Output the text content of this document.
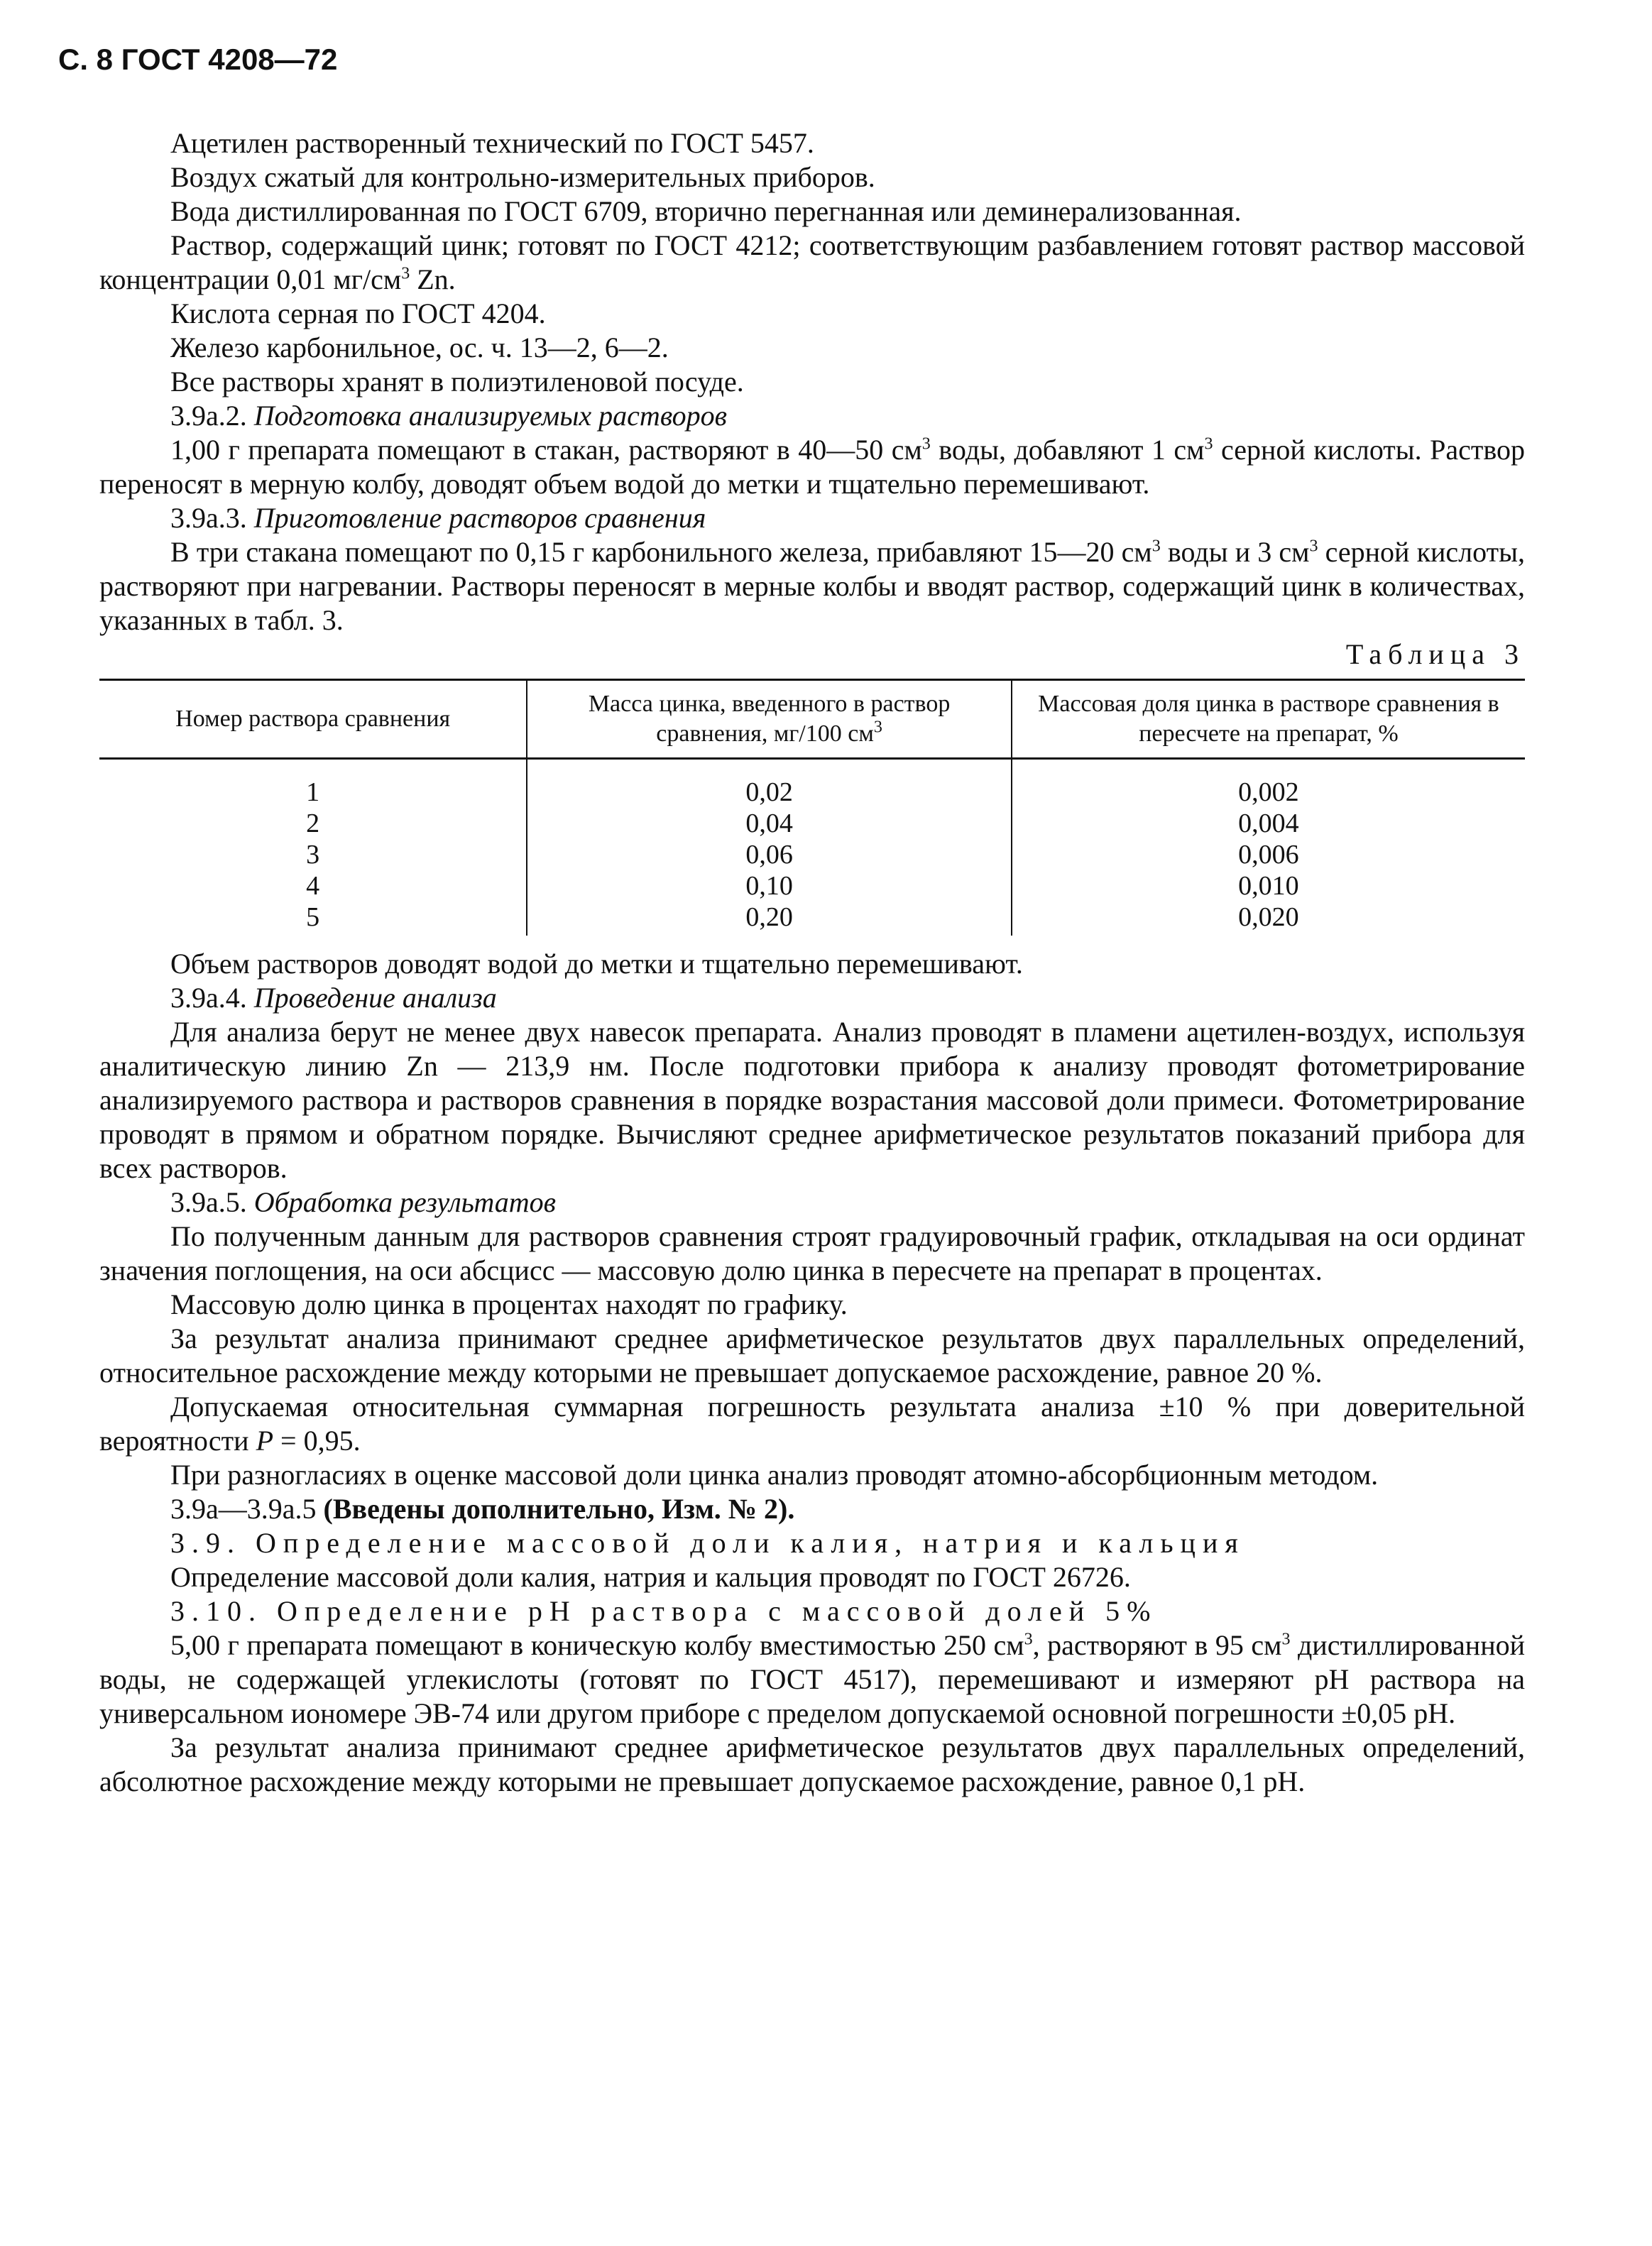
С. 8 ГОСТ 4208—72

Ацетилен растворенный технический по ГОСТ 5457.

Воздух сжатый для контрольно-измерительных приборов.

Вода дистиллированная по ГОСТ 6709, вторично перегнанная или деминерализованная.

Раствор, содержащий цинк; готовят по ГОСТ 4212; соответствующим разбавлением готовят раствор массовой концентрации 0,01 $мг/см^3$ Zn.

Кислота серная по ГОСТ 4204.

Железо карбонильное, ос. ч. 13—2, 6—2.

Все растворы хранят в полиэтиленовой посуде.

3.9а.2. Подготовка анализируемых растворов

1,00 г препарата помещают в стакан, растворяют в 40—50 $см^3$ воды, добавляют 1 $см^3$ серной кислоты. Раствор переносят в мерную колбу, доводят объем водой до метки и тщательно перемешивают.

3.9а.3. Приготовление растворов сравнения

В три стакана помещают по 0,15 г карбонильного железа, прибавляют 15—20 $см^3$ воды и 3 $см^3$ серной кислоты, растворяют при нагревании. Растворы переносят в мерные колбы и вводят раствор, содержащий цинк в количествах, указанных в табл. 3.

Таблица 3

Номер раствора сравнения	Масса цинка, введенного в раствор сравнения, мг/100 $см^3$	Массовая доля цинка в растворе сравнения в пересчете на препарат, %
1	0,02	0,002
2	0,04	0,004
3	0,06	0,006
4	0,10	0,010
5	0,20	0,020

Объем растворов доводят водой до метки и тщательно перемешивают.

3.9а.4. Проведение анализа

Для анализа берут не менее двух навесок препарата. Анализ проводят в пламени ацетилен-воздух, используя аналитическую линию Zn — 213,9 нм. После подготовки прибора к анализу проводят фотометрирование анализируемого раствора и растворов сравнения в порядке возрастания массовой доли примеси. Фотометрирование проводят в прямом и обратном порядке. Вычисляют среднее арифметическое результатов показаний прибора для всех растворов.

3.9а.5. Обработка результатов

По полученным данным для растворов сравнения строят градуировочный график, откладывая на оси ординат значения поглощения, на оси абсцисс — массовую долю цинка в пересчете на препарат в процентах.

Массовую долю цинка в процентах находят по графику.

За результат анализа принимают среднее арифметическое результатов двух параллельных определений, относительное расхождение между которыми не превышает допускаемое расхождение, равное 20 %.

Допускаемая относительная суммарная погрешность результата анализа ±10 % при доверительной вероятности P = 0,95.

При разногласиях в оценке массовой доли цинка анализ проводят атомно-абсорбционным методом.

3.9а—3.9а.5 (Введены дополнительно, Изм. № 2).

3.9. Определение массовой доли калия, натрия и кальция

Определение массовой доли калия, натрия и кальция проводят по ГОСТ 26726.

3.10. Определение pH раствора с массовой долей 5%

5,00 г препарата помещают в коническую колбу вместимостью 250 $см^3$, растворяют в 95 $см^3$ дистиллированной воды, не содержащей углекислоты (готовят по ГОСТ 4517), перемешивают и измеряют pH раствора на универсальном иономере ЭВ-74 или другом приборе с пределом допускаемой основной погрешности ±0,05 pH.

За результат анализа принимают среднее арифметическое результатов двух параллельных определений, абсолютное расхождение между которыми не превышает допускаемое расхождение, равное 0,1 pH.
